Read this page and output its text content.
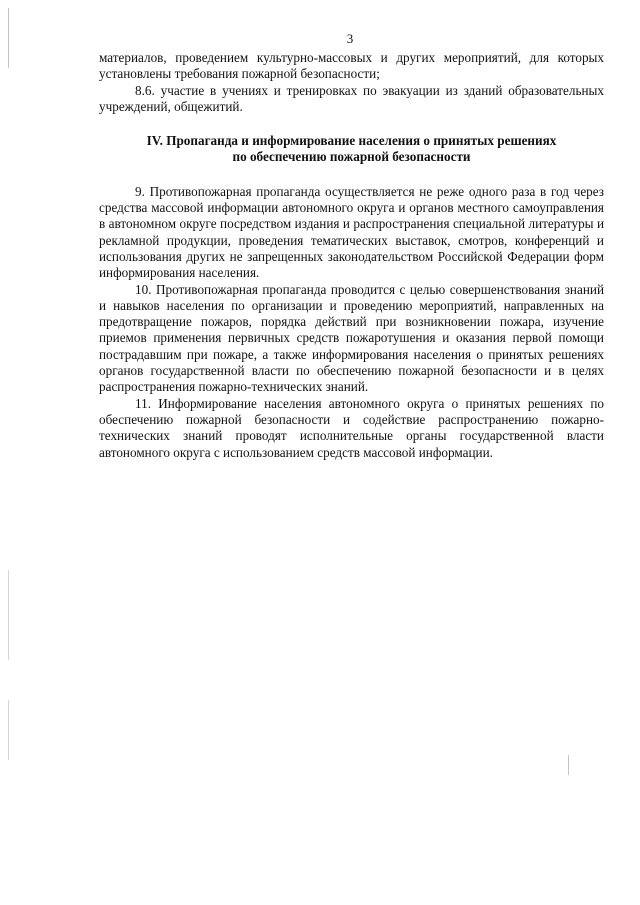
3

материалов, проведением культурно-массовых и других мероприятий, для которых установлены требования пожарной безопасности;

8.6. участие в учениях и тренировках по эвакуации из зданий образовательных учреждений, общежитий.

IV. Пропаганда и информирование населения о принятых решениях
по обеспечению пожарной безопасности

9. Противопожарная пропаганда осуществляется не реже одного раза в год через средства массовой информации автономного округа и органов местного самоуправления в автономном округе посредством издания и распространения специальной литературы и рекламной продукции, проведения тематических выставок, смотров, конференций и использования других не запрещенных законодательством Российской Федерации форм информирования населения.

10. Противопожарная пропаганда проводится с целью совершенствования знаний и навыков населения по организации и проведению мероприятий, направленных на предотвращение пожаров, порядка действий при возникновении пожара, изучение приемов применения первичных средств пожаротушения и оказания первой помощи пострадавшим при пожаре, а также информирования населения о принятых решениях органов государственной власти по обеспечению пожарной безопасности и в целях распространения пожарно-технических знаний.

11. Информирование населения автономного округа о принятых решениях по обеспечению пожарной безопасности и содействие распространению пожарно-технических знаний проводят исполнительные органы государственной власти автономного округа с использованием средств массовой информации.
